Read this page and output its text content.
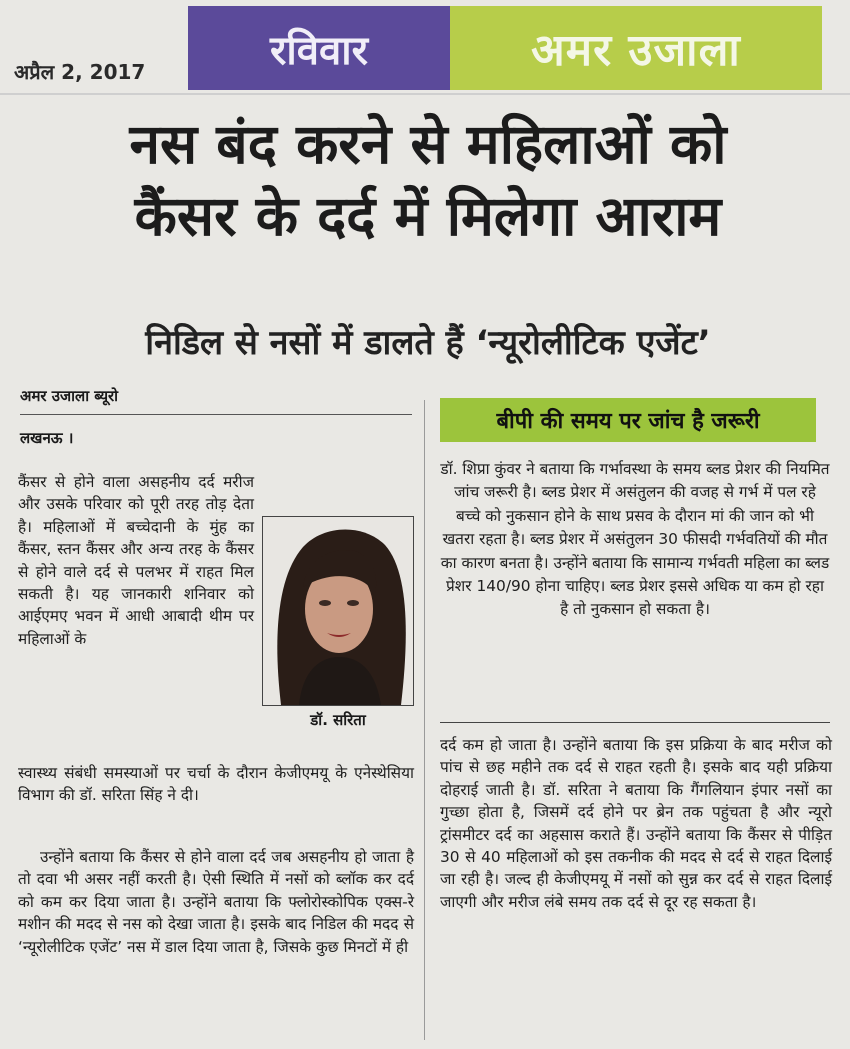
अप्रैल 2, 2017	रविवार	अमर उजाला
नस बंद करने से महिलाओं को
कैंसर के दर्द में मिलेगा आराम
निडिल से नसों में डालते हैं ‘न्यूरोलीटिक एजेंट’
अमर उजाला ब्यूरो
लखनऊ ।

कैंसर से होने वाला असहनीय दर्द मरीज और उसके परिवार को पूरी तरह तोड़ देता है। महिलाओं में बच्चेदानी के मुंह का कैंसर, स्तन कैंसर और अन्य तरह के कैंसर से होने वाले दर्द से पलभर में राहत मिल सकती है। यह जानकारी शनिवार को आईएमए भवन में आधी आबादी थीम पर महिलाओं के

डॉ. सरिता

स्वास्थ्य संबंधी समस्याओं पर चर्चा के दौरान केजीएमयू के एनेस्थेसिया विभाग की डॉ. सरिता सिंह ने दी।

उन्होंने बताया कि कैंसर से होने वाला दर्द जब असहनीय हो जाता है तो दवा भी असर नहीं करती है। ऐसी स्थिति में नसों को ब्लॉक कर दर्द को कम कर दिया जाता है। उन्होंने बताया कि फ्लोरोस्कोपिक एक्स-रे मशीन की मदद से नस को देखा जाता है। इसके बाद निडिल की मदद से ‘न्यूरोलीटिक एजेंट’ नस में डाल दिया जाता है, जिसके कुछ मिनटों में ही

बीपी की समय पर जांच है जरूरी

डॉ. शिप्रा कुंवर ने बताया कि गर्भावस्था के समय ब्लड प्रेशर की नियमित जांच जरूरी है। ब्लड प्रेशर में असंतुलन की वजह से गर्भ में पल रहे बच्चे को नुकसान होने के साथ प्रसव के दौरान मां की जान को भी खतरा रहता है। ब्लड प्रेशर में असंतुलन 30 फीसदी गर्भवतियों की मौत का कारण बनता है। उन्होंने बताया कि सामान्य गर्भवती महिला का ब्लड प्रेशर 140/90 होना चाहिए। ब्लड प्रेशर इससे अधिक या कम हो रहा है तो नुकसान हो सकता है।

दर्द कम हो जाता है। उन्होंने बताया कि इस प्रक्रिया के बाद मरीज को पांच से छह महीने तक दर्द से राहत रहती है। इसके बाद यही प्रक्रिया दोहराई जाती है। डॉ. सरिता ने बताया कि गैंगलियान इंपार नसों का गुच्छा होता है, जिसमें दर्द होने पर ब्रेन तक पहुंचता है और न्यूरो ट्रांसमीटर दर्द का अहसास कराते हैं। उन्होंने बताया कि कैंसर से पीड़ित 30 से 40 महिलाओं को इस तकनीक की मदद से दर्द से राहत दिलाई जा रही है। जल्द ही केजीएमयू में नसों को सुन्न कर दर्द से राहत दिलाई जाएगी और मरीज लंबे समय तक दर्द से दूर रह सकता है।
